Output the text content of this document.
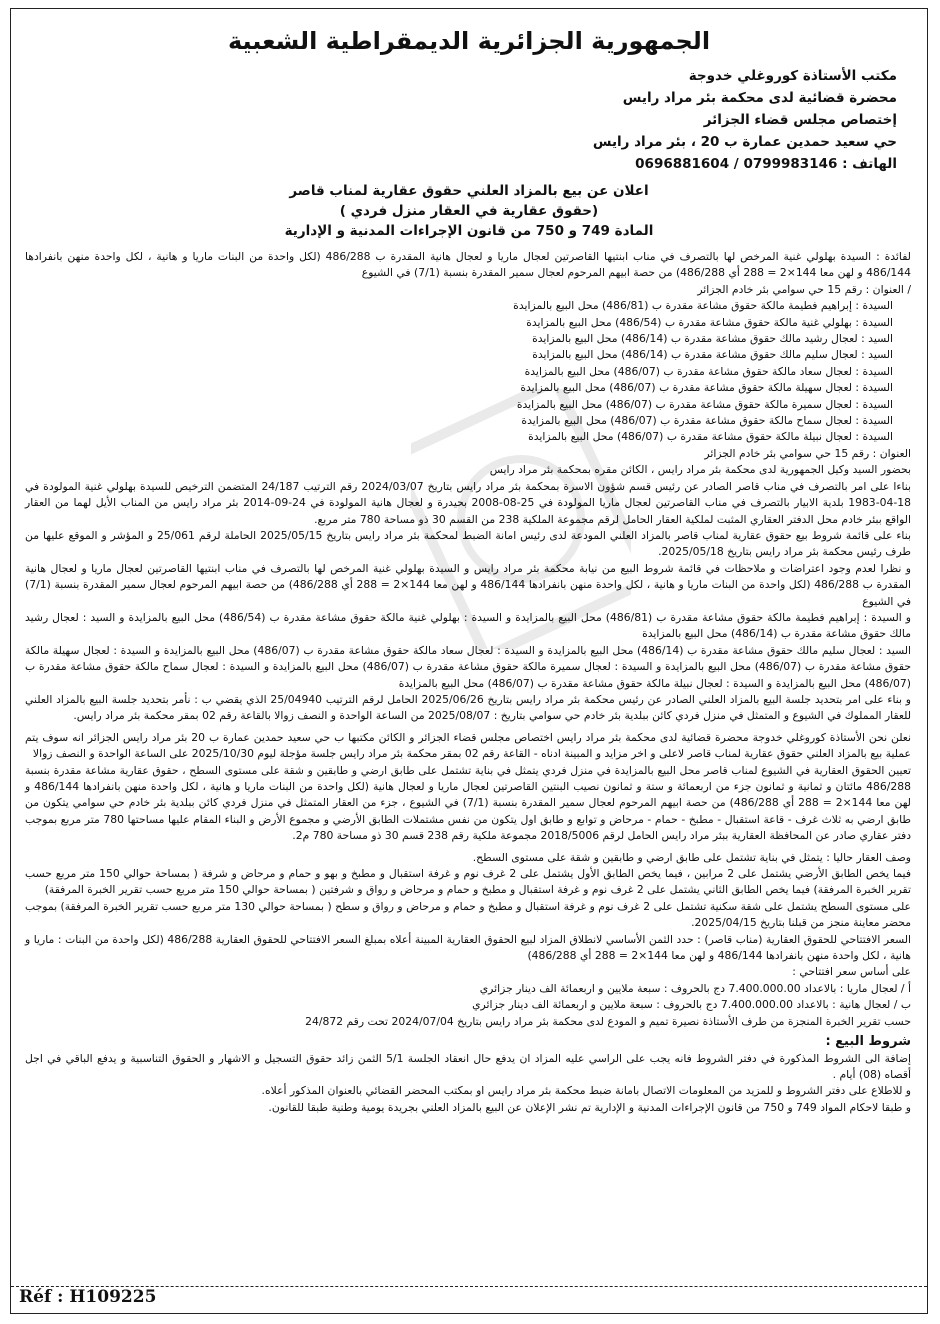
الجمهورية الجزائرية الديمقراطية الشعبية
مكتب الأستاذة كوروغلي خدوجة
محضرة قضائية لدى محكمة بئر مراد رايس
إختصاص مجلس قضاء الجزائر
حي سعيد حمدين عمارة ب 20 ، بئر مراد رايس
الهاتف : 0799983146 / 0696881604
اعلان عن بيع بالمزاد العلني حقوق عقارية لمناب قاصر
(حقوق عقارية في العقار منزل فردي )
المادة 749 و 750 من قانون الإجراءات المدنية و الإدارية

لفائدة : السيدة بهلولي غنية المرخص لها بالتصرف في مناب ابنتيها القاصرتين لعجال ماريا و لعجال هانية المقدرة ب 486/288 (لكل واحدة من البنات ماريا و هانية ، لكل واحدة منهن بانفرادها 486/144 و لهن معا 144×2 = 288 أي 486/288) من حصة ابيهم المرحوم لعجال سمير المقدرة بنسبة (7/1) في الشيوع

/ العنوان : رقم 15 حي سوامي بئر خادم الجزائر

السيدة : إبراهيم فطيمة مالكة حقوق مشاعة مقدرة ب (486/81) محل البيع بالمزايدة

السيدة : بهلولي غنية مالكة حقوق مشاعة مقدرة ب (486/54) محل البيع بالمزايدة

السيد : لعجال رشيد مالك حقوق مشاعة مقدرة ب (486/14) محل البيع بالمزايدة

السيد : لعجال سليم مالك حقوق مشاعة مقدرة ب (486/14) محل البيع بالمزايدة

السيدة : لعجال سعاد مالكة حقوق مشاعة مقدرة ب (486/07) محل البيع بالمزايدة

السيدة : لعجال سهيلة مالكة حقوق مشاعة مقدرة ب (486/07) محل البيع بالمزايدة

السيدة : لعجال سميرة مالكة حقوق مشاعة مقدرة ب (486/07) محل البيع بالمزايدة

السيدة : لعجال سماح مالكة حقوق مشاعة مقدرة ب (486/07) محل البيع بالمزايدة

السيدة : لعجال نبيلة مالكة حقوق مشاعة مقدرة ب (486/07) محل البيع بالمزايدة

العنوان : رقم 15 حي سوامي بئر خادم الجزائر

بحضور السيد وكيل الجمهورية لدى محكمة بئر مراد رايس ، الكائن مقره بمحكمة بئر مراد رايس

بناءا على امر بالتصرف في مناب قاصر الصادر عن رئيس قسم شؤون الاسرة بمحكمة بئر مراد رايس بتاريخ 2024/03/07 رقم الترتيب 24/187 المتضمن الترخيص للسيدة بهلولي غنية المولودة في 18-04-1983 بلدية الابيار بالتصرف في مناب القاصرتين لعجال ماريا المولودة في 25-08-2008 بحيدرة و لعجال هانية المولودة في 24-09-2014 بئر مراد رايس من المناب الأيل لهما من العقار الواقع ببئر خادم محل الدفتر العقاري المثبت لملكية العقار الحامل لرقم مجموعة الملكية 238 من القسم 30 ذو مساحة 780 متر مربع.

بناء على قائمة شروط بيع حقوق عقارية لمناب قاصر بالمزاد العلني المودعة لدى رئيس امانة الضبط لمحكمة بئر مراد رايس بتاريخ 2025/05/15 الحاملة لرقم 25/061 و المؤشر و الموقع عليها من طرف رئيس محكمة بئر مراد رايس بتاريخ 2025/05/18.

و نظرا لعدم وجود اعتراضات و ملاحظات في قائمة شروط البيع من نيابة محكمة بئر مراد رايس و السيدة بهلولي غنية المرخص لها بالتصرف في مناب ابنتيها القاصرتين لعجال ماريا و لعجال هانية المقدرة ب 486/288 (لكل واحدة من البنات ماريا و هانية ، لكل واحدة منهن بانفرادها 486/144 و لهن معا 144×2 = 288 أي 486/288) من حصة ابيهم المرحوم لعجال سمير المقدرة بنسبة (7/1) في الشيوع

و السيدة : إبراهيم فطيمة مالكة حقوق مشاعة مقدرة ب (486/81) محل البيع بالمزايدة و السيدة : بهلولي غنية مالكة حقوق مشاعة مقدرة ب (486/54) محل البيع بالمزايدة و السيد : لعجال رشيد مالك حقوق مشاعة مقدرة ب (486/14) محل البيع بالمزايدة

السيد : لعجال سليم مالك حقوق مشاعة مقدرة ب (486/14) محل البيع بالمزايدة و السيدة : لعجال سعاد مالكة حقوق مشاعة مقدرة ب (486/07) محل البيع بالمزايدة و السيدة : لعجال سهيلة مالكة حقوق مشاعة مقدرة ب (486/07) محل البيع بالمزايدة و السيدة : لعجال سميرة مالكة حقوق مشاعة مقدرة ب (486/07) محل البيع بالمزايدة و السيدة : لعجال سماح مالكة حقوق مشاعة مقدرة ب (486/07) محل البيع بالمزايدة و السيدة : لعجال نبيلة مالكة حقوق مشاعة مقدرة ب (486/07) محل البيع بالمزايدة

و بناء على امر بتحديد جلسة البيع بالمزاد العلني الصادر عن رئيس محكمة بئر مراد رايس بتاريخ 2025/06/26 الحامل لرقم الترتيب 25/04940 الذي يقضي ب : نأمر بتحديد جلسة البيع بالمزاد العلني للعقار المملوك في الشيوع و المتمثل في منزل فردي كائن ببلدية بئر خادم حي سوامي بتاريخ : 2025/08/07 من الساعة الواحدة و النصف زوالا بالقاعة رقم 02 بمقر محكمة بئر مراد رايس.

نعلن نحن الأستاذة كوروغلي خدوجة محضرة قضائية لدى محكمة بئر مراد رايس اختصاص مجلس قضاء الجزائر و الكائن مكتبها ب حي سعيد حمدين عمارة ب 20 بئر مراد رايس الجزائر انه سوف يتم عملية بيع بالمزاد العلني حقوق عقارية لمناب قاصر لاعلى و اخر مزايد و المبينة ادناه - القاعة رقم 02 بمقر محكمة بئر مراد رايس جلسة مؤجلة ليوم 2025/10/30 على الساعة الواحدة و النصف زوالا

تعيين الحقوق العقارية في الشيوع لمناب قاصر محل البيع بالمزايدة في منزل فردي يتمثل في بناية تشتمل على طابق ارضي و طابقين و شقة على مستوى السطح ، حقوق عقارية مشاعة مقدرة بنسبة 486/288 مائتان و ثمانية و ثمانون جزء من اربعمائة و ستة و ثمانون نصيب البنتين القاصرتين لعجال ماريا و لعجال هانية (لكل واحدة من البنات ماريا و هانية ، لكل واحدة منهن بانفرادها 486/144 و لهن معا 144×2 = 288 أي 486/288) من حصة ابيهم المرحوم لعجال سمير المقدرة بنسبة (7/1) في الشيوع ، جزء من العقار المتمثل في منزل فردي كائن ببلدية بئر خادم حي سوامي يتكون من طابق ارضي به ثلاث غرف - قاعة استقبال - مطبخ - حمام - مرحاض و توابع و طابق اول يتكون من نفس مشتملات الطابق الأرضي و مجموع الأرض و البناء المقام عليها مساحتها 780 متر مربع بموجب دفتر عقاري صادر عن المحافظة العقارية ببئر مراد رايس الحامل لرقم 2018/5006 مجموعة ملكية رقم 238 قسم 30 ذو مساحة 780 م2.

وصف العقار حاليا : يتمثل في بناية تشتمل على طابق ارضي و طابقين و شقة على مستوى السطح.

فيما يخص الطابق الأرضي يشتمل على 2 مرابين ، فيما يخص الطابق الأول يشتمل على 2 غرف نوم و غرفة استقبال و مطبخ و بهو و حمام و مرحاض و شرفة ( بمساحة حوالي 150 متر مربع حسب تقرير الخبرة المرفقة) فيما يخص الطابق الثاني يشتمل على 2 غرف نوم و غرفة استقبال و مطبخ و حمام و مرحاض و رواق و شرفتين ( بمساحة حوالي 150 متر مربع حسب تقرير الخبرة المرفقة)

على مستوى السطح يشتمل على شقة سكنية تشتمل على 2 غرف نوم و غرفة استقبال و مطبخ و حمام و مرحاض و رواق و سطح ( بمساحة حوالي 130 متر مربع حسب تقرير الخبرة المرفقة) بموجب محضر معاينة منجز من قبلنا بتاريخ 2025/04/15.

السعر الافتتاحي للحقوق العقارية (مناب قاصر) : حدد الثمن الأساسي لانطلاق المزاد لبيع الحقوق العقارية المبينة أعلاه بمبلغ السعر الافتتاحي للحقوق العقارية 486/288 (لكل واحدة من البنات : ماريا و هانية ، لكل واحدة منهن بانفرادها 486/144 و لهن معا 144×2 = 288 أي 486/288)

على أساس سعر افتتاحي :

أ / لعجال ماريا : بالاعداد 7.400.000.00 دج بالحروف : سبعة ملايين و اربعمائة الف دينار جزائري

ب / لعجال هانية : بالاعداد 7.400.000.00 دج بالحروف : سبعة ملايين و اربعمائة الف دينار جزائري

حسب تقرير الخبرة المنجزة من طرف الأستاذة نصيرة تميم و المودع لدى محكمة بئر مراد رايس بتاريخ 2024/07/04 تحت رقم 24/872

شروط البيع :

إضافة الى الشروط المذكورة في دفتر الشروط فانه يجب على الراسي عليه المزاد ان يدفع حال انعقاد الجلسة 5/1 الثمن زائد حقوق التسجيل و الاشهار و الحقوق التناسبية و يدفع الباقي في اجل أقصاه (08) أيام .

و للاطلاع على دفتر الشروط و للمزيد من المعلومات الاتصال بامانة ضبط محكمة بئر مراد رايس او بمكتب المحضر القضائي بالعنوان المذكور أعلاه.

و طبقا لاحكام المواد 749 و 750 من قانون الإجراءات المدنية و الإدارية تم نشر الإعلان عن البيع بالمزاد العلني بجريدة يومية وطنية طبقا للقانون.

Réf : H109225
